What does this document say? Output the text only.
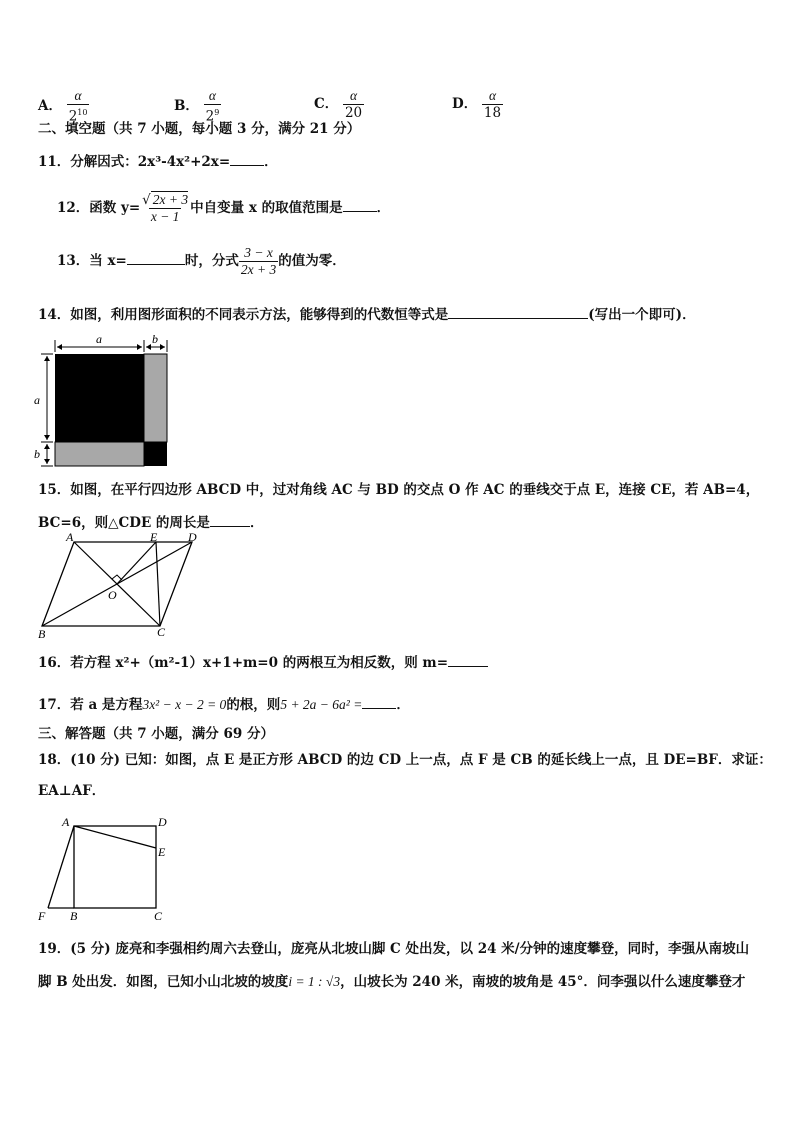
A． $\frac{\alpha}{2^{10}}$	B． $\frac{\alpha}{2^9}$	C． $\frac{\alpha}{20}$	D． $\frac{\alpha}{18}$
二、填空题（共 7 小题，每小题 3 分，满分 21 分）
11．分解因式：2x³-4x²+2x=	．
12．函数 $y= \frac{√ 2x + 3}{x - 1}$ 中自变量 x 的取值范围是	．
13．当 x=	时，分式 $\frac{3 - x}{2x + 3}$ 的值为零．
14．如图，利用图形面积的不同表示方法，能够得到的代数恒等式是	(写出一个即可)．
a	b
a
b
15．如图，在平行四边形 ABCD 中，过对角线 AC 与 BD 的交点 O 作 AC 的垂线交于点 E，连接 CE，若 AB=4，
BC=6，则△CDE 的周长是	．
A	E	D
O
B	C
16．若方程 x²+（m²-1）x+1+m=0 的两根互为相反数，则 m=
17．若 a 是方程3x² − x − 2 = 0的根，则5 + 2a − 6a² =	．
三、解答题（共 7 小题，满分 69 分）
18．(10 分) 已知：如图，点 E 是正方形 ABCD 的边 CD 上一点，点 F 是 CB 的延长线上一点，且 DE=BF．求证：
EA⊥AF．
A	D
E
F B	C
19．(5 分) 庞亮和李强相约周六去登山，庞亮从北坡山脚 C 处出发，以 24 米/分钟的速度攀登，同时，李强从南坡山
脚 B 处出发．如图，已知小山北坡的坡度i = 1 : √3，山坡长为 240 米，南坡的坡角是 45°．问李强以什么速度攀登才
